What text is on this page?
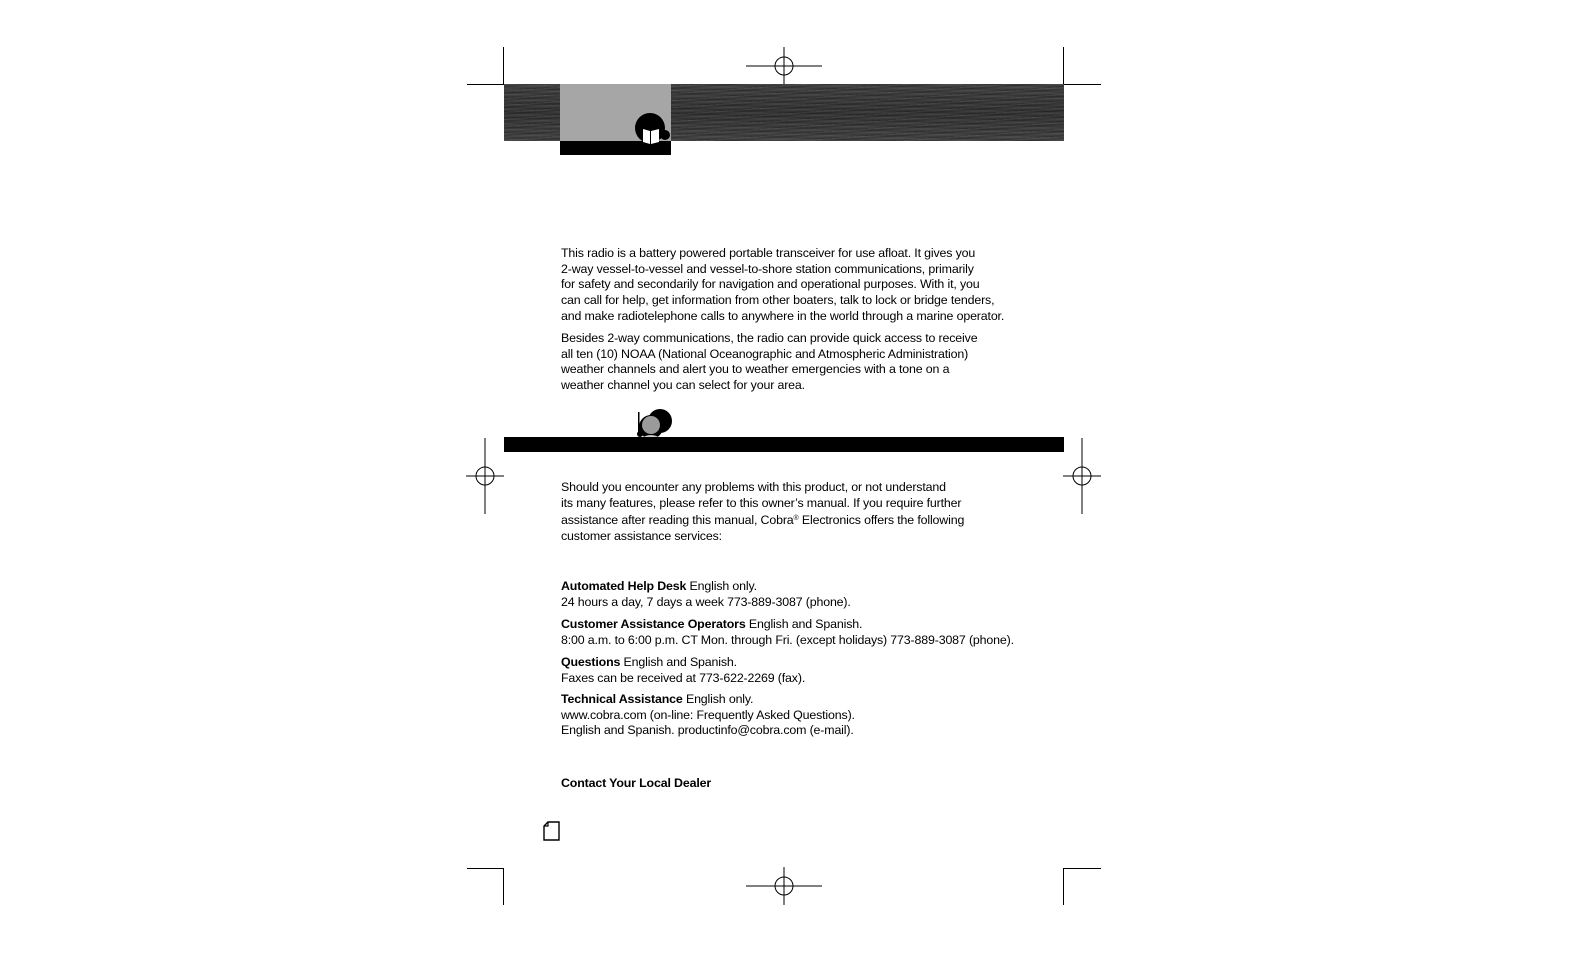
This radio is a battery powered portable transceiver for use afloat. It gives you

2-way vessel-to-vessel and vessel-to-shore station communications, primarily

for safety and secondarily for navigation and operational purposes. With it, you

can call for help, get information from other boaters, talk to lock or bridge tenders,

and make radiotelephone calls to anywhere in the world through a marine operator.

Besides 2-way communications, the radio can provide quick access to receive

all ten (10) NOAA (National Oceanographic and Atmospheric Administration)

weather channels and alert you to weather emergencies with a tone on a

weather channel you can select for your area.

Should you encounter any problems with this product, or not understand

its many features, please refer to this owner’s manual. If you require further

assistance after reading this manual, Cobra® Electronics offers the following

customer assistance services:

Automated Help Desk English only.

24 hours a day, 7 days a week 773-889-3087 (phone).

Customer Assistance Operators English and Spanish.

8:00 a.m. to 6:00 p.m. CT Mon. through Fri. (except holidays) 773-889-3087 (phone).

Questions English and Spanish.

Faxes can be received at 773-622-2269 (fax).

Technical Assistance English only.

www.cobra.com (on-line: Frequently Asked Questions).

English and Spanish. productinfo@cobra.com (e-mail).

Contact Your Local Dealer
